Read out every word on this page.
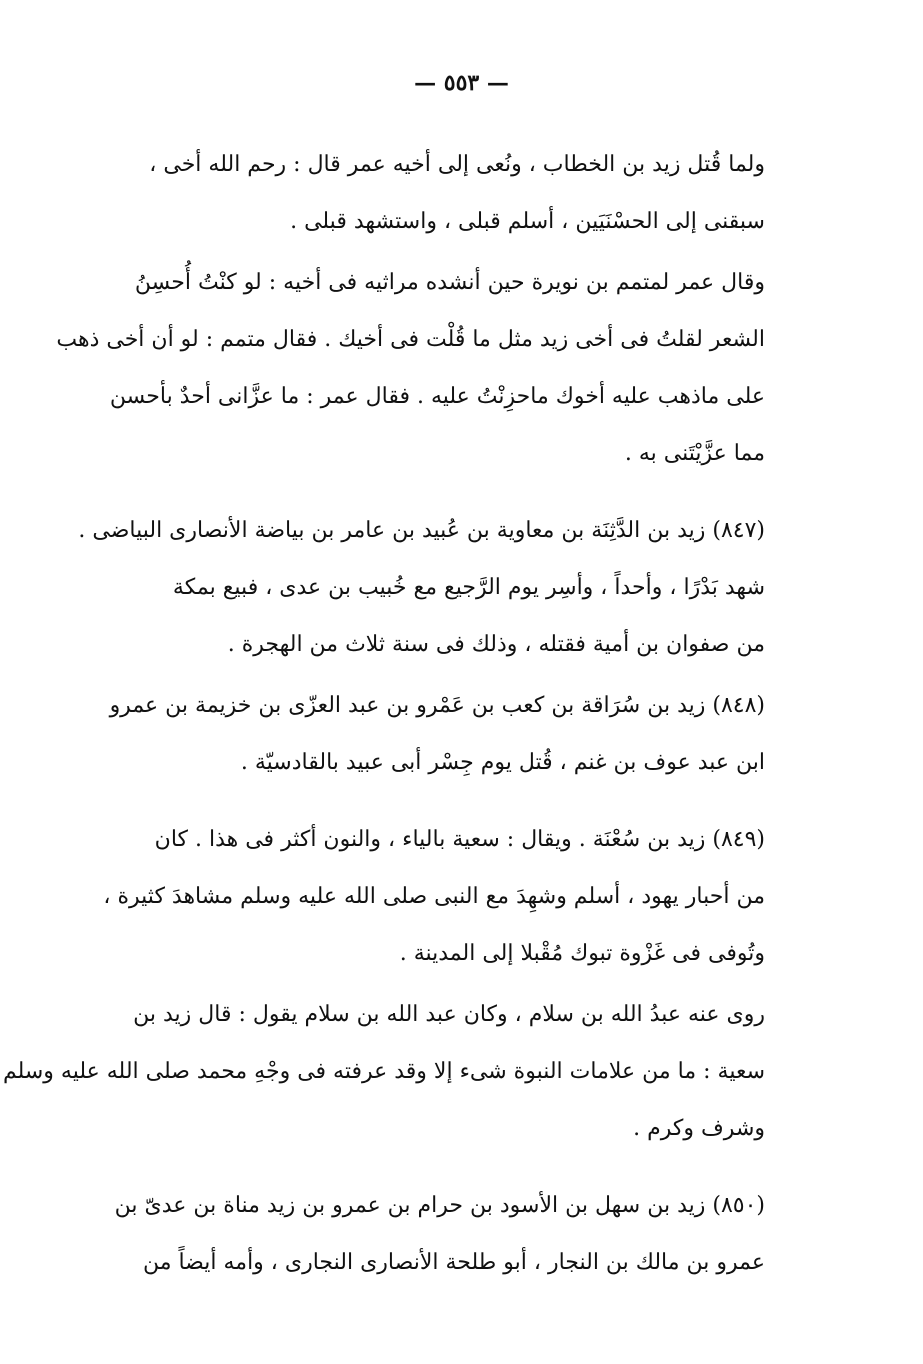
— ٥٥٣ —

ولما قُتل زيد بن الخطاب ، ونُعى إلى أخيه عمر قال : رحم الله أخى ،
سبقنى إلى الحسْنَيَين ، أسلم قبلى ، واستشهد قبلى .

وقال عمر لمتمم بن نويرة حين أنشده مراثيه فى أخيه : لو كنْتُ أُحسِنُ
الشعر لقلتُ فى أخى زيد مثل ما قُلْت فى أخيك . فقال متمم : لو أن أخى ذهب
على ماذهب عليه أخوك ماحزِنْتُ عليه . فقال عمر : ما عزَّانى أحدٌ بأحسن
مما عزَّيْتَنى به .

(٨٤٧) زيد بن الدَّثِنَة بن معاوية بن عُبيد بن عامر بن بياضة الأنصارى البياضى .
شهد بَدْرًا ، وأحداً ، وأسِر يوم الرَّجيع مع خُبيب بن عدى ، فبيع بمكة
من صفوان بن أمية فقتله ، وذلك فى سنة ثلاث من الهجرة .

(٨٤٨) زيد بن سُرَاقة بن كعب بن عَمْرو بن عبد العزّى بن خزيمة بن عمرو
ابن عبد عوف بن غنم ، قُتل يوم جِسْر أبى عبيد بالقادسيّة .

(٨٤٩) زيد بن سُعْنَة . ويقال : سعية بالياء ، والنون أكثر فى هذا . كان
من أحبار يهود ، أسلم وشهِدَ مع النبى صلى الله عليه وسلم مشاهدَ كثيرة ،
وتُوفى فى غَزْوة تبوك مُقْبلا إلى المدينة .

روى عنه عبدُ الله بن سلام ، وكان عبد الله بن سلام يقول : قال زيد بن
سعية : ما من علامات النبوة شىء إلا وقد عرفته فى وجْهِ محمد صلى الله عليه وسلم
وشرف وكرم .

(٨٥٠) زيد بن سهل بن الأسود بن حرام بن عمرو بن زيد مناة بن عدىّ بن
عمرو بن مالك بن النجار ، أبو طلحة الأنصارى النجارى ، وأمه أيضاً من
